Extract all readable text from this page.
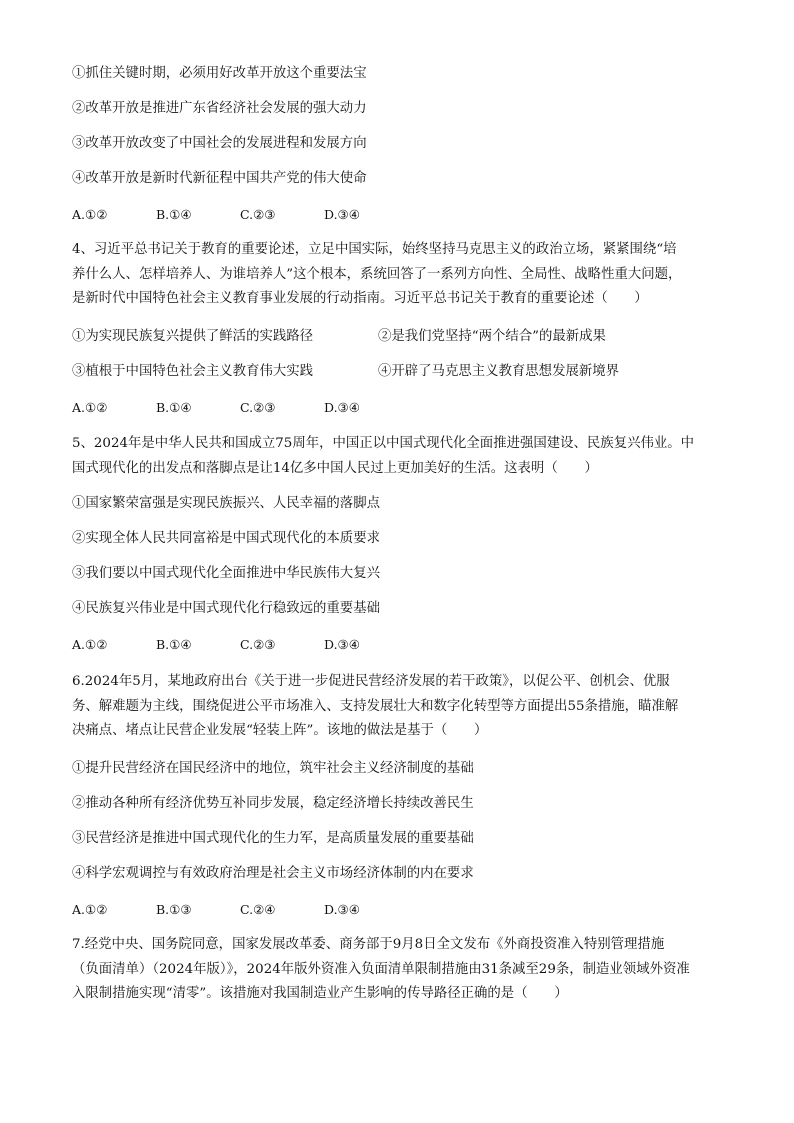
①抓住关键时期，必须用好改革开放这个重要法宝
②改革开放是推进广东省经济社会发展的强大动力
③改革开放改变了中国社会的发展进程和发展方向
④改革开放是新时代新征程中国共产党的伟大使命
A.①②	B.①④	C.②③	D.③④
4、习近平总书记关于教育的重要论述，立足中国实际，始终坚持马克思主义的政治立场，紧紧围绕“培
养什么人、怎样培养人、为谁培养人”这个根本，系统回答了一系列方向性、全局性、战略性重大问题，
是新时代中国特色社会主义教育事业发展的行动指南。习近平总书记关于教育的重要论述（　　）
①为实现民族复兴提供了鲜活的实践路径	②是我们党坚持“两个结合”的最新成果
③植根于中国特色社会主义教育伟大实践	④开辟了马克思主义教育思想发展新境界
A.①②	B.①④	C.②③	D.③④
5、2024年是中华人民共和国成立75周年，中国正以中国式现代化全面推进强国建设、民族复兴伟业。中
国式现代化的出发点和落脚点是让14亿多中国人民过上更加美好的生活。这表明（　　）
①国家繁荣富强是实现民族振兴、人民幸福的落脚点
②实现全体人民共同富裕是中国式现代化的本质要求
③我们要以中国式现代化全面推进中华民族伟大复兴
④民族复兴伟业是中国式现代化行稳致远的重要基础
A.①②	B.①④	C.②③	D.③④
6.2024年5月，某地政府出台《关于进一步促进民营经济发展的若干政策》，以促公平、创机会、优服
务、解难题为主线，围绕促进公平市场准入、支持发展壮大和数字化转型等方面提出55条措施，瞄准解
决痛点、堵点让民营企业发展“轻装上阵”。该地的做法是基于（　　）
①提升民营经济在国民经济中的地位，筑牢社会主义经济制度的基础
②推动各种所有经济优势互补同步发展，稳定经济增长持续改善民生
③民营经济是推进中国式现代化的生力军，是高质量发展的重要基础
④科学宏观调控与有效政府治理是社会主义市场经济体制的内在要求
A.①②	B.①③	C.②④	D.③④
7.经党中央、国务院同意，国家发展改革委、商务部于9月8日全文发布《外商投资准入特别管理措施
（负面清单）（2024年版）》，2024年版外资准入负面清单限制措施由31条减至29条，制造业领域外资准
入限制措施实现“清零”。该措施对我国制造业产生影响的传导路径正确的是（　　）
